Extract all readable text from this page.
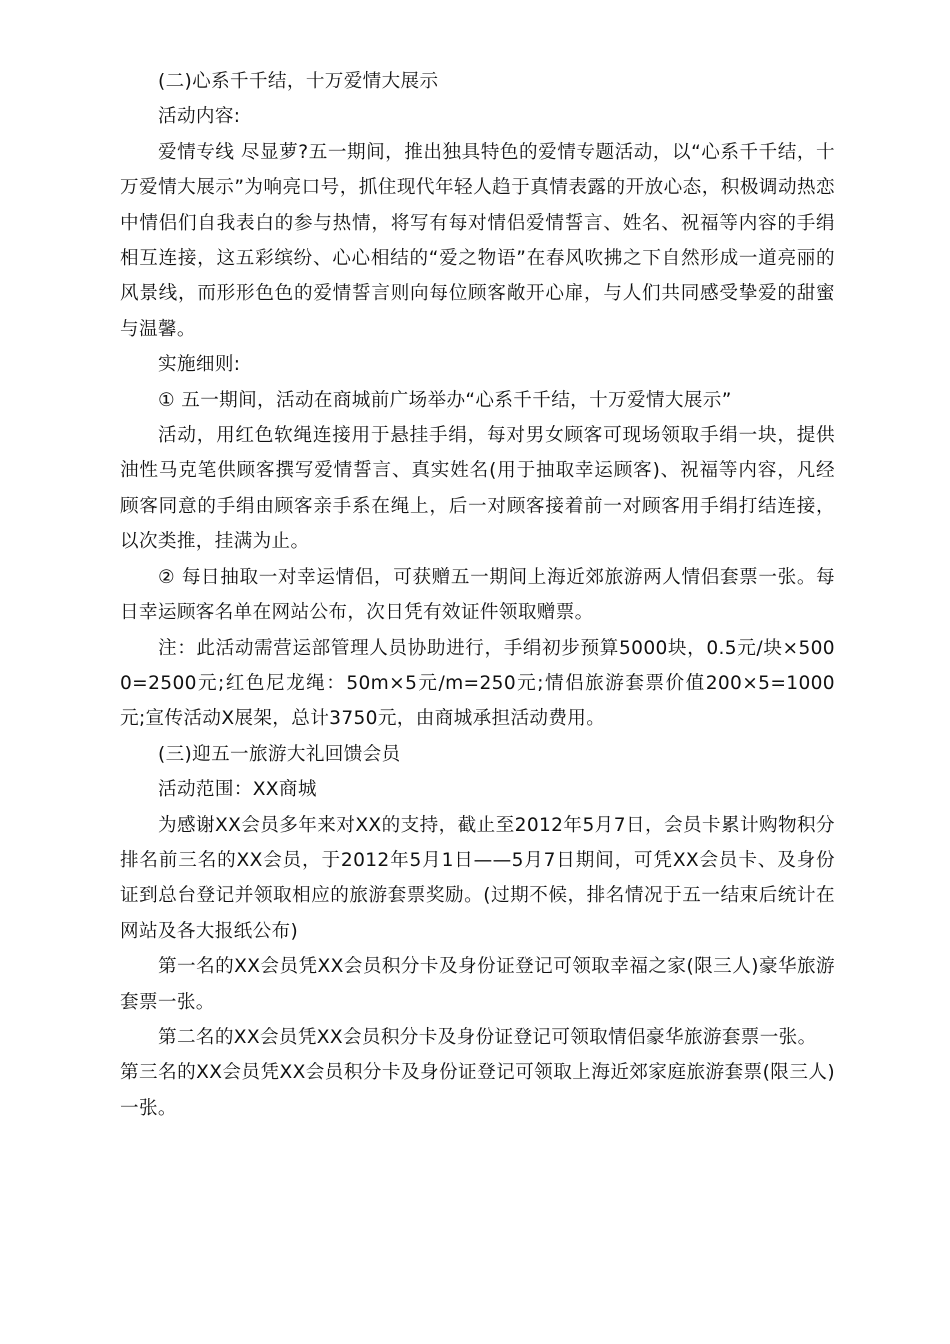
(二)心系千千结，十万爱情大展示

活动内容:

爱情专线 尽显萝?五一期间，推出独具特色的爱情专题活动，以“心系千千结，十万爱情大展示”为响亮口号，抓住现代年轻人趋于真情表露的开放心态，积极调动热恋中情侣们自我表白的参与热情，将写有每对情侣爱情誓言、姓名、祝福等内容的手绢相互连接，这五彩缤纷、心心相结的“爱之物语”在春风吹拂之下自然形成一道亮丽的风景线，而形形色色的爱情誓言则向每位顾客敞开心扉，与人们共同感受挚爱的甜蜜与温馨。

实施细则:

① 五一期间，活动在商城前广场举办“心系千千结，十万爱情大展示”

活动，用红色软绳连接用于悬挂手绢，每对男女顾客可现场领取手绢一块，提供油性马克笔供顾客撰写爱情誓言、真实姓名(用于抽取幸运顾客)、祝福等内容，凡经顾客同意的手绢由顾客亲手系在绳上，后一对顾客接着前一对顾客用手绢打结连接，以次类推，挂满为止。

② 每日抽取一对幸运情侣，可获赠五一期间上海近郊旅游两人情侣套票一张。每日幸运顾客名单在网站公布，次日凭有效证件领取赠票。

注：此活动需营运部管理人员协助进行，手绢初步预算5000块，0.5元/块×5000=2500元;红色尼龙绳：50m×5元/m=250元;情侣旅游套票价值200×5=1000元;宣传活动X展架，总计3750元，由商城承担活动费用。

(三)迎五一旅游大礼回馈会员

活动范围：XX商城

为感谢XX会员多年来对XX的支持，截止至2012年5月7日，会员卡累计购物积分排名前三名的XX会员，于2012年5月1日——5月7日期间，可凭XX会员卡、及身份证到总台登记并领取相应的旅游套票奖励。(过期不候，排名情况于五一结束后统计在网站及各大报纸公布)

第一名的XX会员凭XX会员积分卡及身份证登记可领取幸福之家(限三人)豪华旅游套票一张。

第二名的XX会员凭XX会员积分卡及身份证登记可领取情侣豪华旅游套票一张。

第三名的XX会员凭XX会员积分卡及身份证登记可领取上海近郊家庭旅游套票(限三人)一张。
